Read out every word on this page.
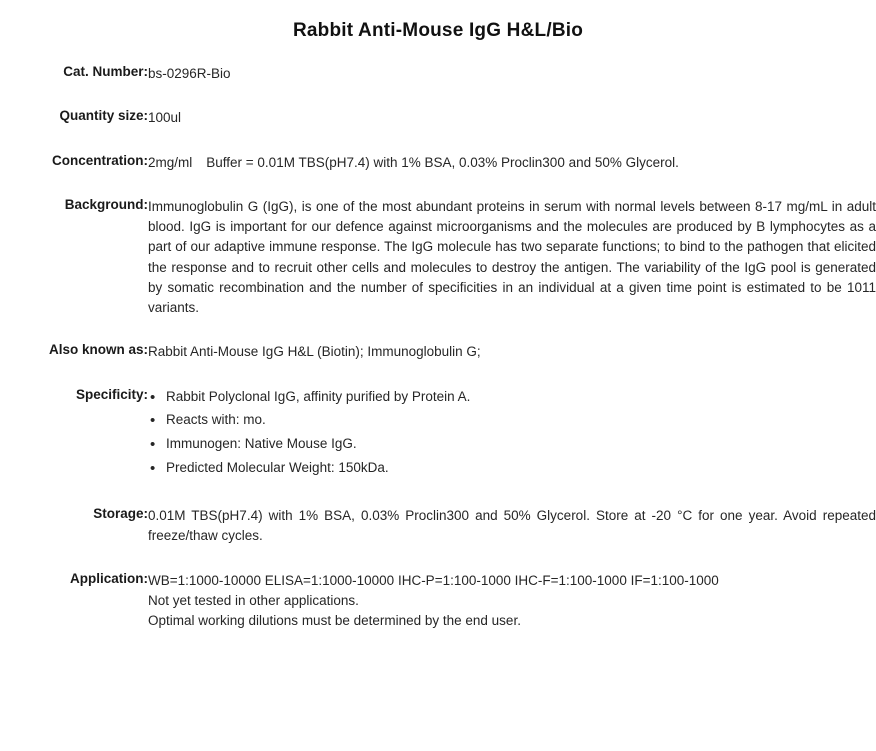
Rabbit Anti-Mouse IgG H&L/Bio
Cat. Number:	bs-0296R-Bio
Quantity size:	100ul
Concentration:	2mg/ml Buffer = 0.01M TBS(pH7.4) with 1% BSA, 0.03% Proclin300 and 50% Glycerol.
Background:	Immunoglobulin G (IgG), is one of the most abundant proteins in serum with normal levels between 8-17 mg/mL in adult blood. IgG is important for our defence against microorganisms and the molecules are produced by B lymphocytes as a part of our adaptive immune response. The IgG molecule has two separate functions; to bind to the pathogen that elicited the response and to recruit other cells and molecules to destroy the antigen. The variability of the IgG pool is generated by somatic recombination and the number of specificities in an individual at a given time point is estimated to be 1011 variants.
Also known as:	Rabbit Anti-Mouse IgG H&L (Biotin); Immunoglobulin G;
Specificity:	
•Rabbit Polyclonal IgG, affinity purified by Protein A.
• Reacts with: mo.
• Immunogen: Native Mouse IgG.
• Predicted Molecular Weight: 150kDa.

Storage:	0.01M TBS(pH7.4) with 1% BSA, 0.03% Proclin300 and 50% Glycerol. Store at -20 °C for one year. Avoid repeated freeze/thaw cycles.
Application:	WB=1:1000-10000 ELISA=1:1000-10000 IHC-P=1:100-1000 IHC-F=1:100-1000 IF=1:100-1000
Not yet tested in other applications.
Optimal working dilutions must be determined by the end user.
